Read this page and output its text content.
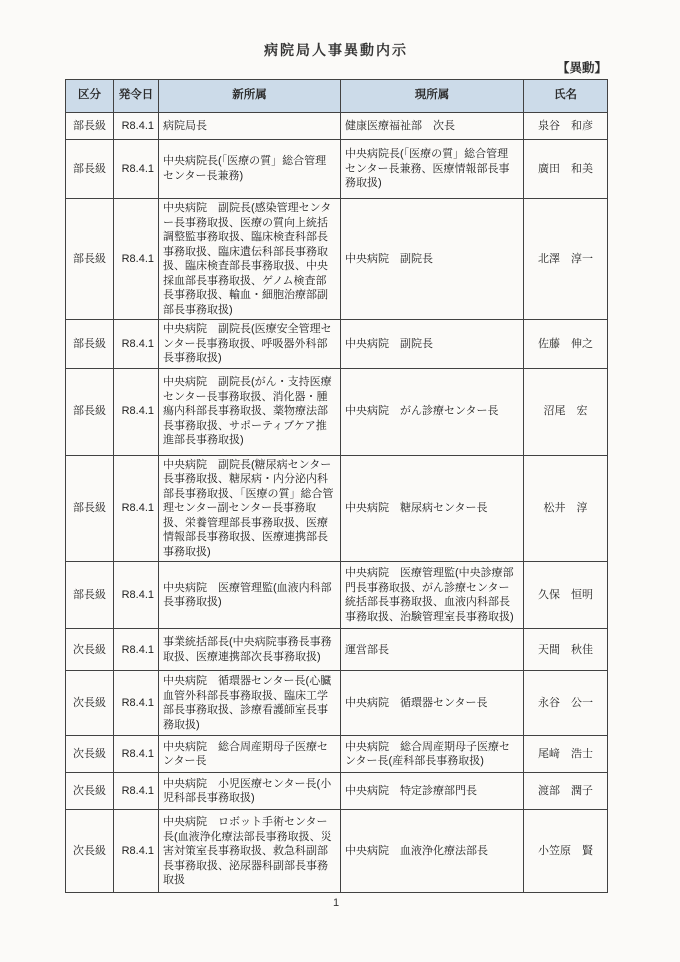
病院局人事異動内示
【異動】
区分	発令日	新所属	現所属	氏名
部長級	R8.4.1	病院局長	健康医療福祉部　次長	泉谷　和彦
部長級	R8.4.1	中央病院長(「医療の質」総合管理センター長兼務)	中央病院長(「医療の質」総合管理センター長兼務、医療情報部長事務取扱)	廣田　和美
部長級	R8.4.1	中央病院　副院長(感染管理センター長事務取扱、医療の質向上統括調整監事務取扱、臨床検査科部長事務取扱、臨床遺伝科部長事務取扱、臨床検査部長事務取扱、中央採血部長事務取扱、ゲノム検査部長事務取扱、輸血・細胞治療部副部長事務取扱)	中央病院　副院長	北澤　淳一
部長級	R8.4.1	中央病院　副院長(医療安全管理センター長事務取扱、呼吸器外科部長事務取扱)	中央病院　副院長	佐藤　伸之
部長級	R8.4.1	中央病院　副院長(がん・支持医療センター長事務取扱、消化器・腫瘍内科部長事務取扱、薬物療法部長事務取扱、サポーティブケア推進部長事務取扱)	中央病院　がん診療センター長	沼尾　宏
部長級	R8.4.1	中央病院　副院長(糖尿病センター長事務取扱、糖尿病・内分泌内科部長事務取扱、「医療の質」総合管理センター副センター長事務取扱、栄養管理部長事務取扱、医療情報部長事務取扱、医療連携部長事務取扱)	中央病院　糖尿病センター長	松井　淳
部長級	R8.4.1	中央病院　医療管理監(血液内科部長事務取扱)	中央病院　医療管理監(中央診療部門長事務取扱、がん診療センター統括部長事務取扱、血液内科部長事務取扱、治験管理室長事務取扱)	久保　恒明
次長級	R8.4.1	事業統括部長(中央病院事務長事務取扱、医療連携部次長事務取扱)	運営部長	天間　秋佳
次長級	R8.4.1	中央病院　循環器センター長(心臓血管外科部長事務取扱、臨床工学部長事務取扱、診療看護師室長事務取扱)	中央病院　循環器センター長	永谷　公一
次長級	R8.4.1	中央病院　総合周産期母子医療センター長	中央病院　総合周産期母子医療センター長(産科部長事務取扱)	尾﨑　浩士
次長級	R8.4.1	中央病院　小児医療センター長(小児科部長事務取扱)	中央病院　特定診療部門長	渡部　潤子
次長級	R8.4.1	中央病院　ロボット手術センター長(血液浄化療法部長事務取扱、災害対策室長事務取扱、救急科副部長事務取扱、泌尿器科副部長事務取扱	中央病院　血液浄化療法部長	小笠原　賢
1
